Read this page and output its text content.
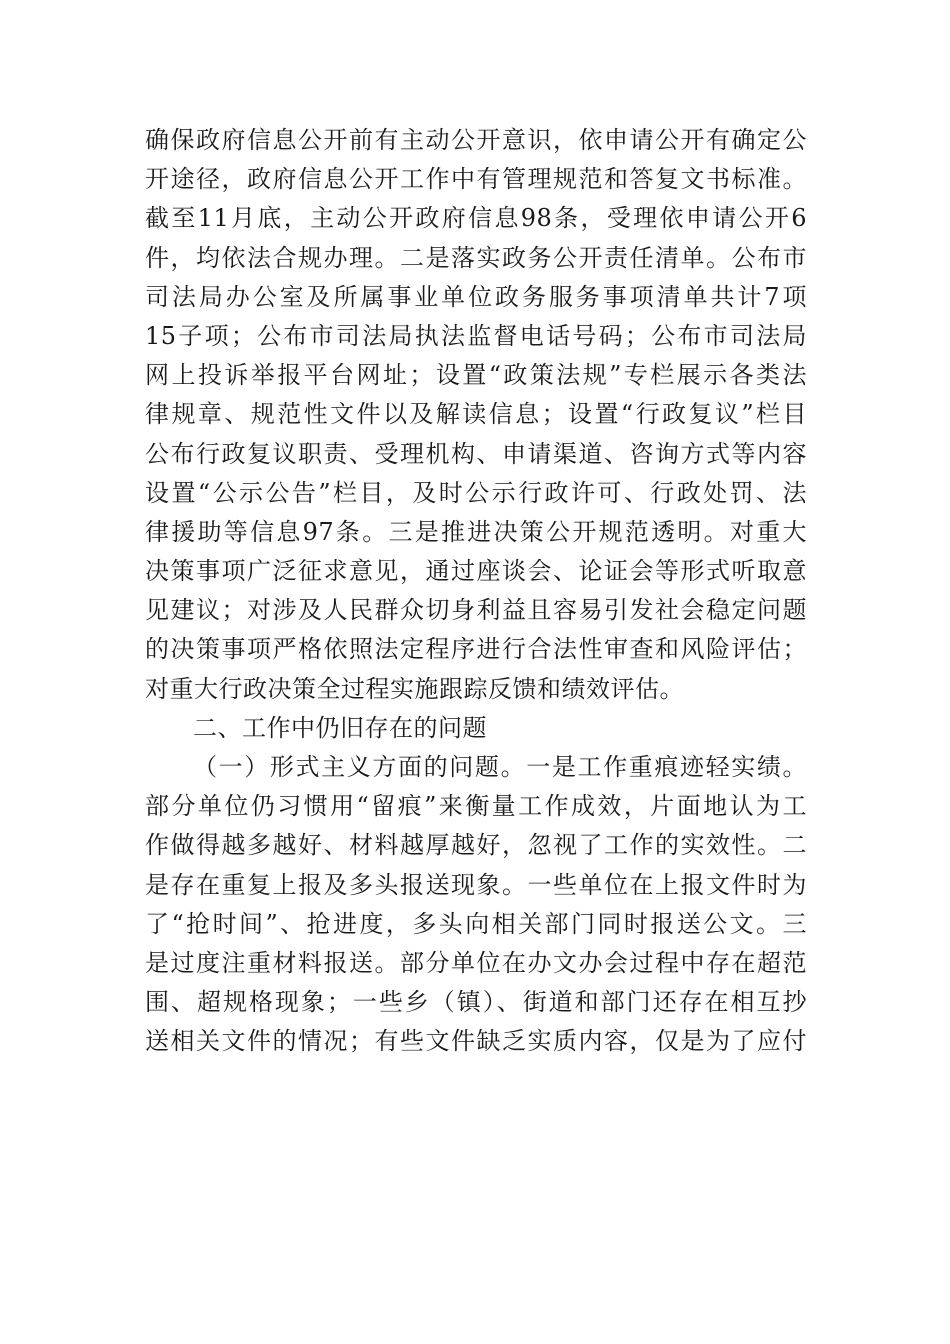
确保政府信息公开前有主动公开意识，依申请公开有确定公
开途径，政府信息公开工作中有管理规范和答复文书标准。
截至11月底，主动公开政府信息98条，受理依申请公开6
件，均依法合规办理。二是落实政务公开责任清单。公布市
司法局办公室及所属事业单位政务服务事项清单共计7项
15子项；公布市司法局执法监督电话号码；公布市司法局
网上投诉举报平台网址；设置“政策法规”专栏展示各类法
律规章、规范性文件以及解读信息；设置“行政复议”栏目
公布行政复议职责、受理机构、申请渠道、咨询方式等内容
设置“公示公告”栏目，及时公示行政许可、行政处罚、法
律援助等信息97条。三是推进决策公开规范透明。对重大
决策事项广泛征求意见，通过座谈会、论证会等形式听取意
见建议；对涉及人民群众切身利益且容易引发社会稳定问题
的决策事项严格依照法定程序进行合法性审查和风险评估；
对重大行政决策全过程实施跟踪反馈和绩效评估。
二、工作中仍旧存在的问题
（一）形式主义方面的问题。一是工作重痕迹轻实绩。
部分单位仍习惯用“留痕”来衡量工作成效，片面地认为工
作做得越多越好、材料越厚越好，忽视了工作的实效性。二
是存在重复上报及多头报送现象。一些单位在上报文件时为
了“抢时间”、抢进度，多头向相关部门同时报送公文。三
是过度注重材料报送。部分单位在办文办会过程中存在超范
围、超规格现象；一些乡（镇）、街道和部门还存在相互抄
送相关文件的情况；有些文件缺乏实质内容，仅是为了应付
